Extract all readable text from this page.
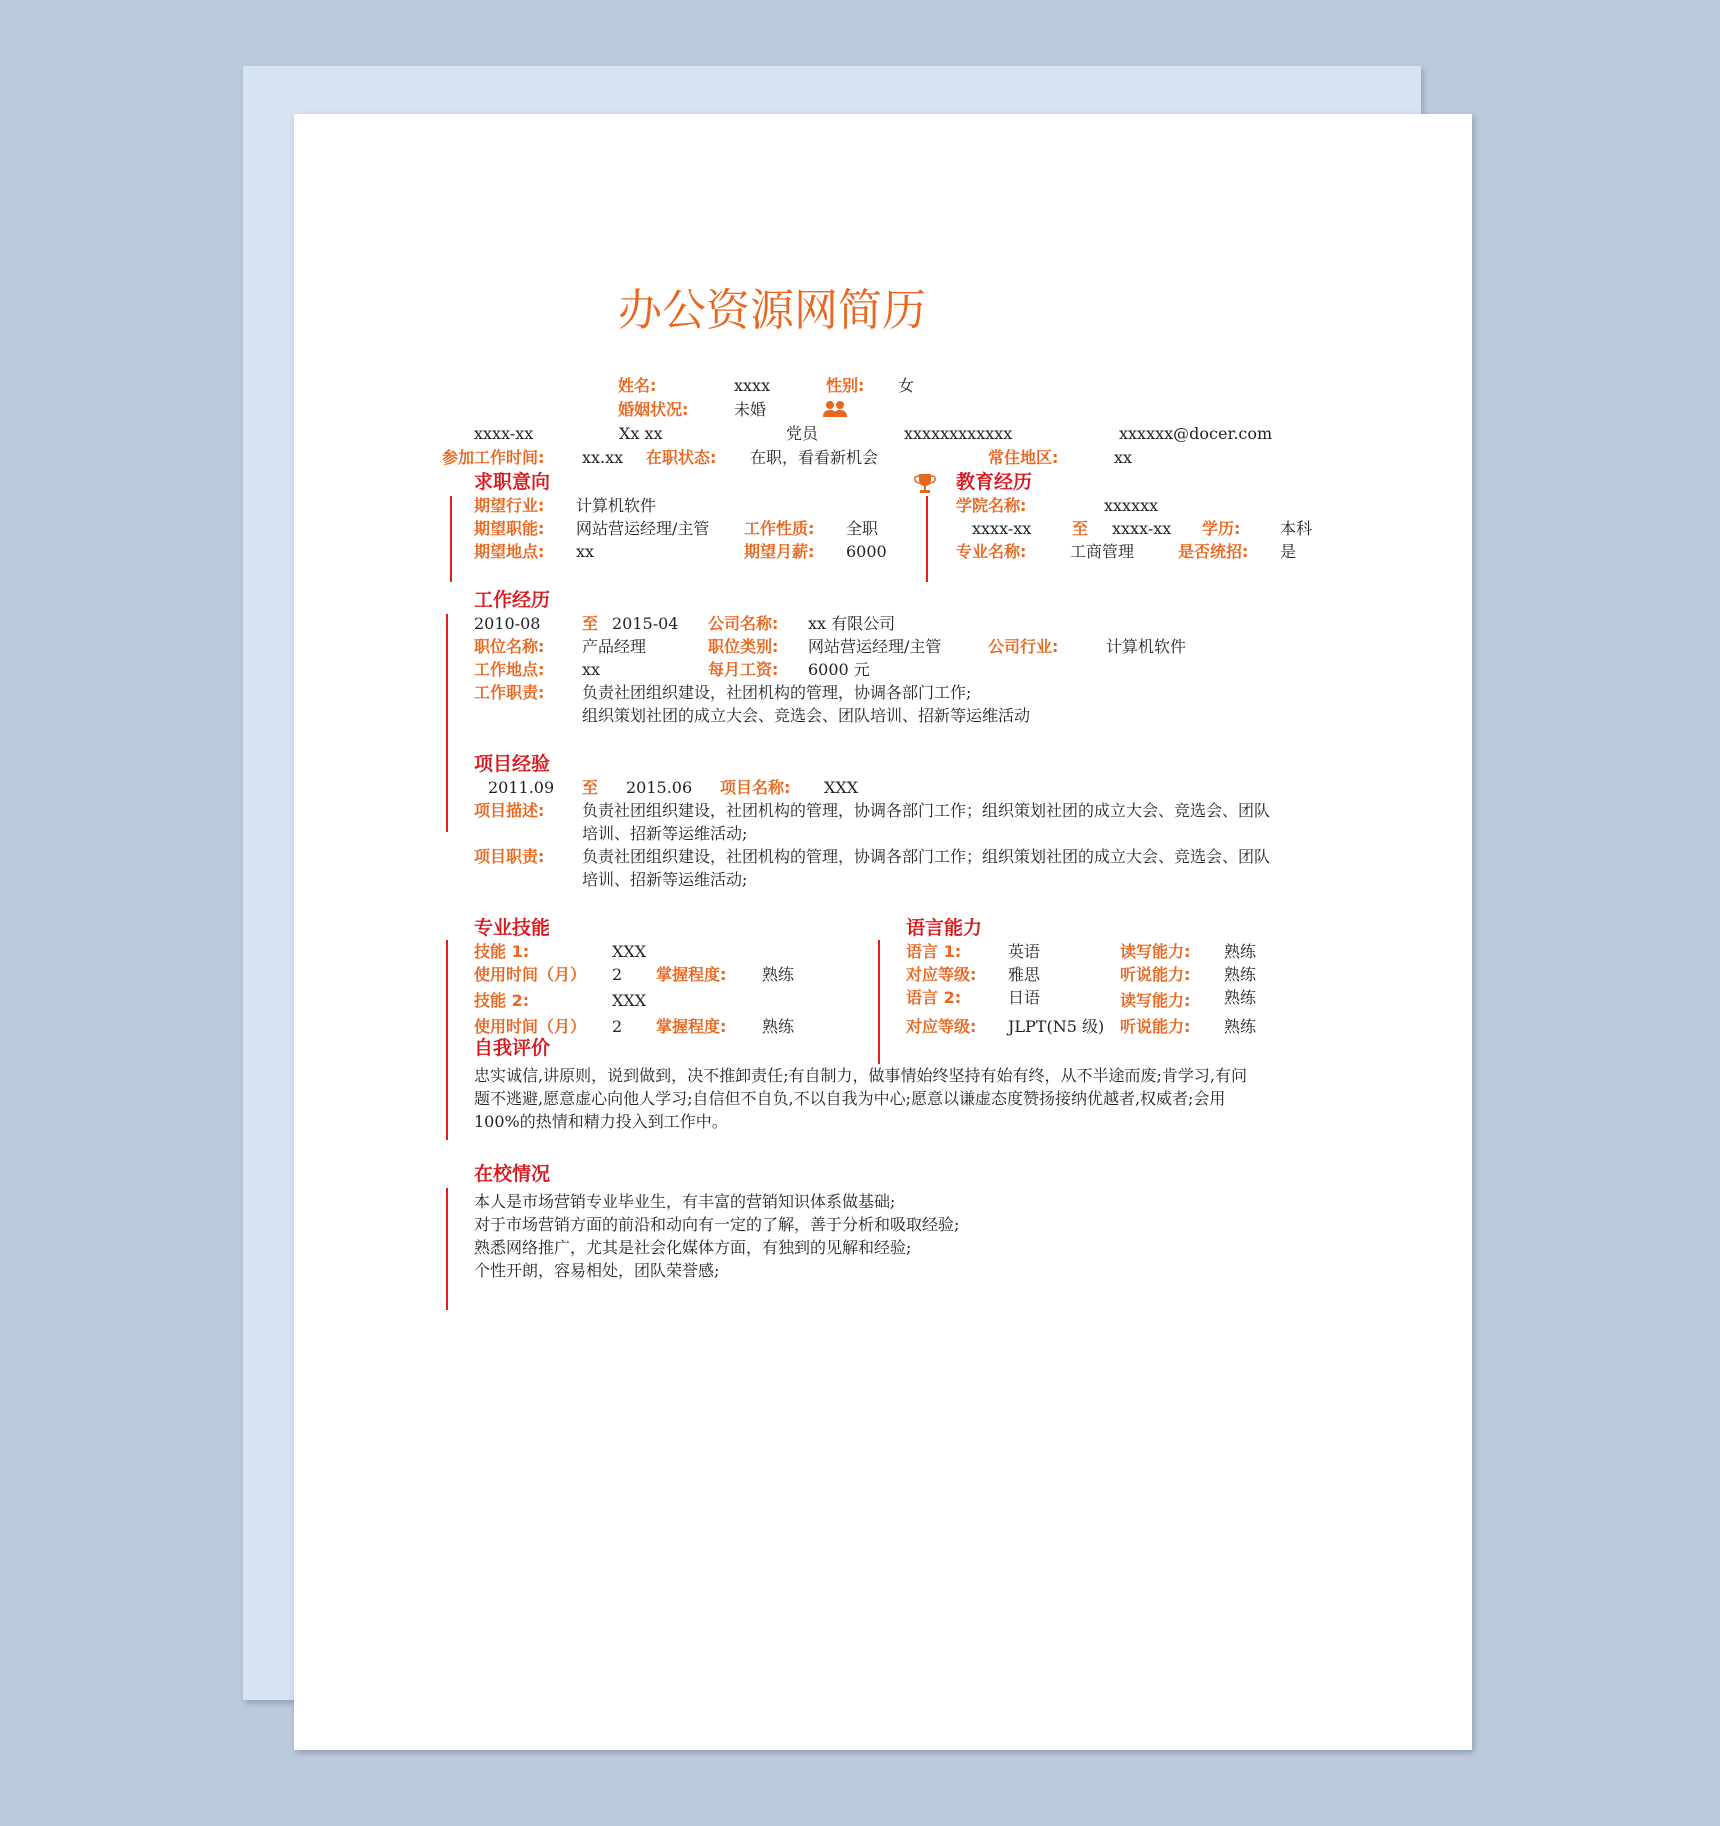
办公资源网简历
姓名:	xxxx	性别: 女
婚姻状况:	未婚
xxxx-xx	Xx xx	党员	xxxxxxxxxxxx	xxxxxx@docer.com
参加工作时间: xx.xx 在职状态: 在职，看看新机会	常住地区:	xx
求职意向
期望行业: 计算机软件
期望职能: 网站营运经理/主管 工作性质: 全职
期望地点: xx	期望月薪: 6000
教育经历
学院名称:	xxxxxx
xxxx-xx	至 xxxx-xx 学历: 本科
专业名称:	工商管理	是否统招: 是
工作经历
2010-08	至 2015-04 公司名称: xx 有限公司
职位名称: 产品经理	职位类别: 网站营运经理/主管	公司行业:	计算机软件
工作地点: xx	每月工资: 6000 元
工作职责: 负责社团组织建设，社团机构的管理，协调各部门工作;
组织策划社团的成立大会、竞选会、团队培训、招新等运维活动
项目经验
2011.09 至 2015.06 项目名称: XXX
项目描述: 负责社团组织建设，社团机构的管理，协调各部门工作；组织策划社团的成立大会、竞选会、团队
培训、招新等运维活动;
项目职责: 负责社团组织建设，社团机构的管理，协调各部门工作；组织策划社团的成立大会、竞选会、团队
培训、招新等运维活动;
专业技能
技能 1:	XXX
使用时间（月） 2 掌握程度: 熟练
技能 2:	XXX
使用时间（月） 2 掌握程度: 熟练
语言能力
语言 1:	英语	读写能力: 熟练
对应等级: 雅思	听说能力: 熟练
语言 2:	日语	读写能力: 熟练
对应等级: JLPT(N5 级) 听说能力: 熟练
自我评价
忠实诚信,讲原则，说到做到，决不推卸责任;有自制力，做事情始终坚持有始有终，从不半途而废;肯学习,有问
题不逃避,愿意虚心向他人学习;自信但不自负,不以自我为中心;愿意以谦虚态度赞扬接纳优越者,权威者;会用
100%的热情和精力投入到工作中。
在校情况
本人是市场营销专业毕业生，有丰富的营销知识体系做基础;
对于市场营销方面的前沿和动向有一定的了解，善于分析和吸取经验;
熟悉网络推广，尤其是社会化媒体方面，有独到的见解和经验;
个性开朗，容易相处，团队荣誉感;
